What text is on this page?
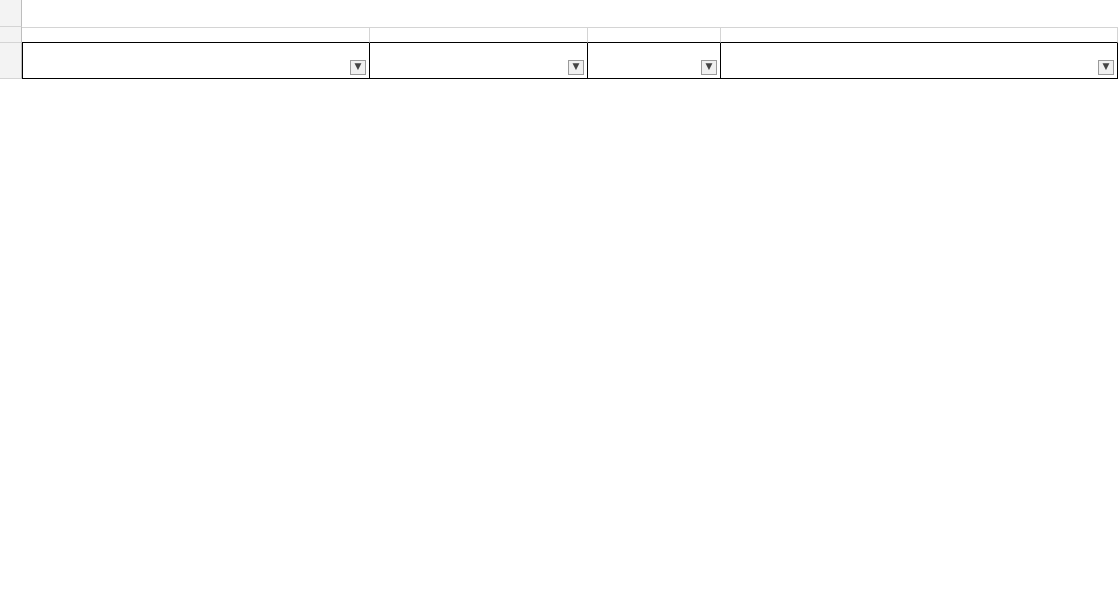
▼	▼	▼	▼
